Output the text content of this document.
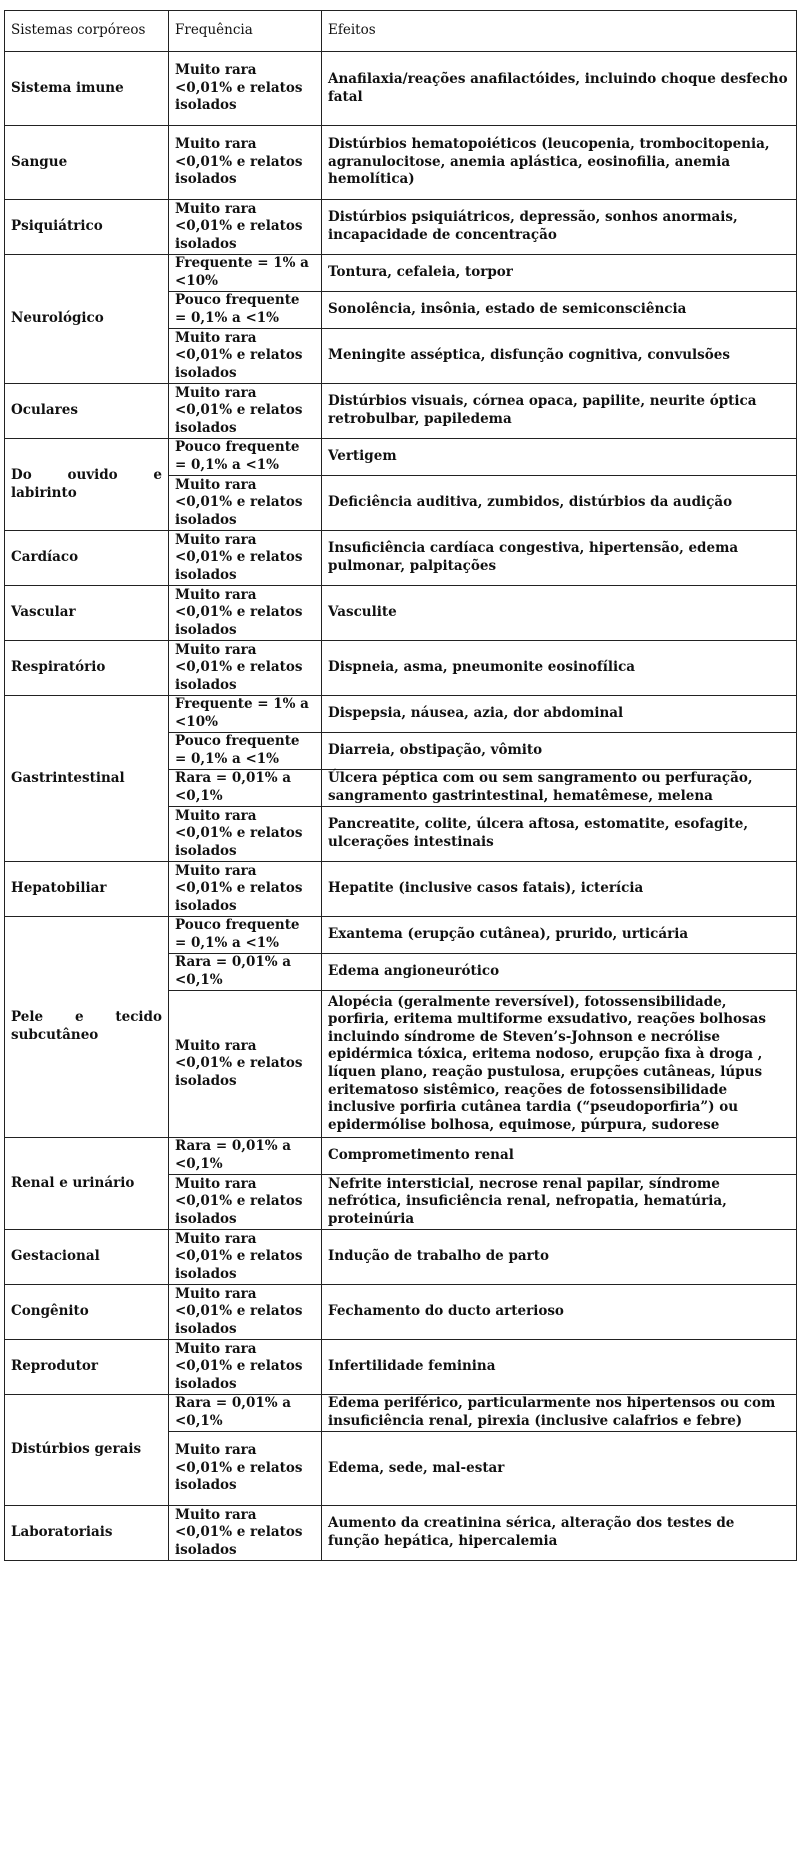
Sistemas corpóreos	Frequência	Efeitos
Sistema imune	Muito rara <0,01% e relatos isolados	Anafilaxia/reações anafilactóides, incluindo choque desfecho fatal
Sangue	Muito rara <0,01% e relatos isolados	Distúrbios hematopoiéticos (leucopenia, trombocitopenia, agranulocitose, anemia aplástica, eosinofilia, anemia hemolítica)
Psiquiátrico	Muito rara <0,01% e relatos isolados	Distúrbios psiquiátricos, depressão, sonhos anormais, incapacidade de concentração
Neurológico	Frequente = 1% a <10%	Tontura, cefaleia, torpor
	Pouco frequente = 0,1% a <1%	Sonolência, insônia, estado de semiconsciência
	Muito rara <0,01% e relatos isolados	Meningite asséptica, disfunção cognitiva, convulsões
Oculares	Muito rara <0,01% e relatos isolados	Distúrbios visuais, córnea opaca, papilite, neurite óptica retrobulbar, papiledema
Do ouvido e labirinto	Pouco frequente = 0,1% a <1%	Vertigem
	Muito rara <0,01% e relatos isolados	Deficiência auditiva, zumbidos, distúrbios da audição
Cardíaco	Muito rara <0,01% e relatos isolados	Insuficiência cardíaca congestiva, hipertensão, edema pulmonar, palpitações
Vascular	Muito rara <0,01% e relatos isolados	Vasculite
Respiratório	Muito rara <0,01% e relatos isolados	Dispneia, asma, pneumonite eosinofílica
Gastrintestinal	Frequente = 1% a <10%	Dispepsia, náusea, azia, dor abdominal
	Pouco frequente = 0,1% a <1%	Diarreia, obstipação, vômito
	Rara = 0,01% a <0,1%	Úlcera péptica com ou sem sangramento ou perfuração, sangramento gastrintestinal, hematêmese, melena
	Muito rara <0,01% e relatos isolados	Pancreatite, colite, úlcera aftosa, estomatite, esofagite, ulcerações intestinais
Hepatobiliar	Muito rara <0,01% e relatos isolados	Hepatite (inclusive casos fatais), icterícia
Pele e tecido subcutâneo	Pouco frequente = 0,1% a <1%	Exantema (erupção cutânea), prurido, urticária
	Rara = 0,01% a <0,1%	Edema angioneurótico
	Muito rara <0,01% e relatos isolados	Alopécia (geralmente reversível), fotossensibilidade, porfiria, eritema multiforme exsudativo, reações bolhosas incluindo síndrome de Steven’s-Johnson e necrólise epidérmica tóxica, eritema nodoso, erupção fixa à droga , líquen plano, reação pustulosa, erupções cutâneas, lúpus eritematoso sistêmico, reações de fotossensibilidade inclusive porfiria cutânea tardia (“pseudoporfiria”) ou epidermólise bolhosa, equimose, púrpura, sudorese
Renal e urinário	Rara = 0,01% a <0,1%	Comprometimento renal
	Muito rara <0,01% e relatos isolados	Nefrite intersticial, necrose renal papilar, síndrome nefrótica, insuficiência renal, nefropatia, hematúria, proteinúria
Gestacional	Muito rara <0,01% e relatos isolados	Indução de trabalho de parto
Congênito	Muito rara <0,01% e relatos isolados	Fechamento do ducto arterioso
Reprodutor	Muito rara <0,01% e relatos isolados	Infertilidade feminina
Distúrbios gerais	Rara = 0,01% a <0,1%	Edema periférico, particularmente nos hipertensos ou com insuficiência renal, pirexia (inclusive calafrios e febre)
	Muito rara <0,01% e relatos isolados	Edema, sede, mal-estar
Laboratoriais	Muito rara <0,01% e relatos isolados	Aumento da creatinina sérica, alteração dos testes de função hepática, hipercalemia
